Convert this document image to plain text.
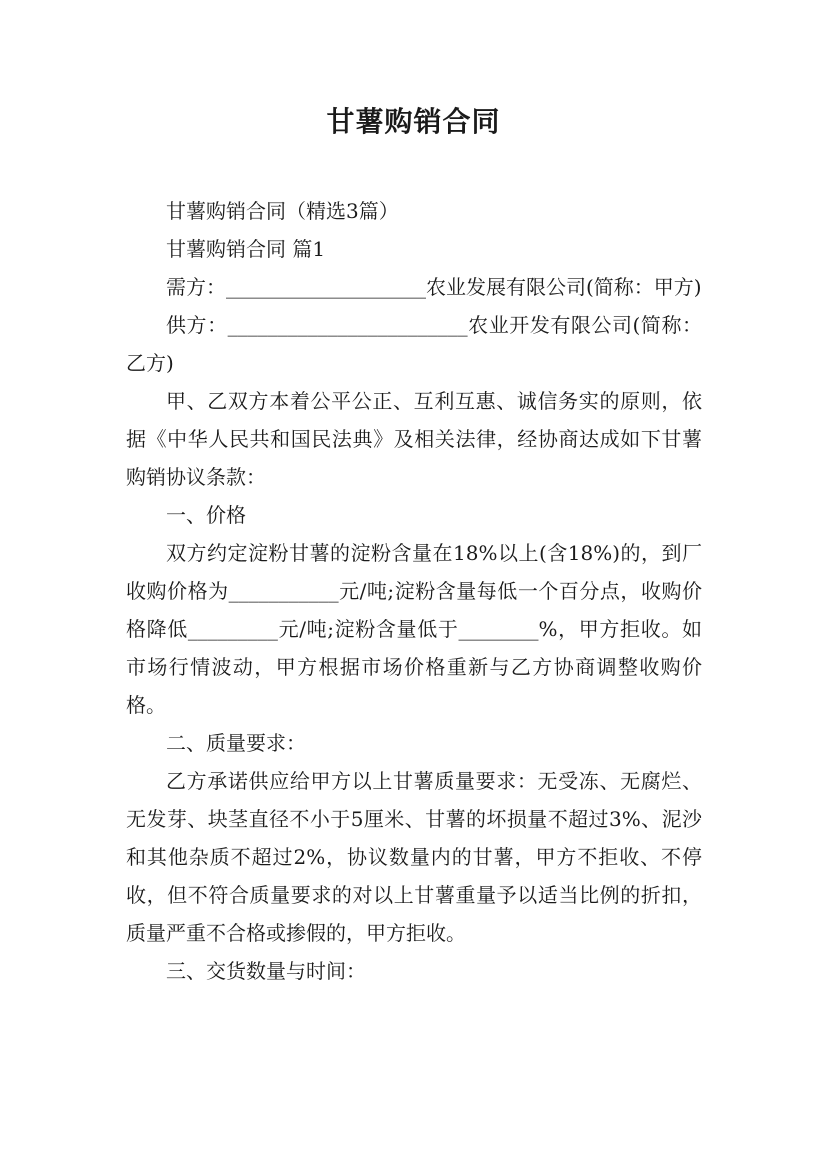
甘薯购销合同

甘薯购销合同（精选3篇）

甘薯购销合同 篇1

需方：____________________农业发展有限公司(简称：甲方)

供方：________________________农业开发有限公司(简称：乙方)

甲、乙双方本着公平公正、互利互惠、诚信务实的原则，依据《中华人民共和国民法典》及相关法律，经协商达成如下甘薯购销协议条款：

一、价格

双方约定淀粉甘薯的淀粉含量在18%以上(含18%)的，到厂收购价格为___________元/吨;淀粉含量每低一个百分点，收购价格降低_________元/吨;淀粉含量低于________%，甲方拒收。如市场行情波动，甲方根据市场价格重新与乙方协商调整收购价格。

二、质量要求：

乙方承诺供应给甲方以上甘薯质量要求：无受冻、无腐烂、无发芽、块茎直径不小于5厘米、甘薯的坏损量不超过3%、泥沙和其他杂质不超过2%，协议数量内的甘薯，甲方不拒收、不停收，但不符合质量要求的对以上甘薯重量予以适当比例的折扣，质量严重不合格或掺假的，甲方拒收。

三、交货数量与时间：
